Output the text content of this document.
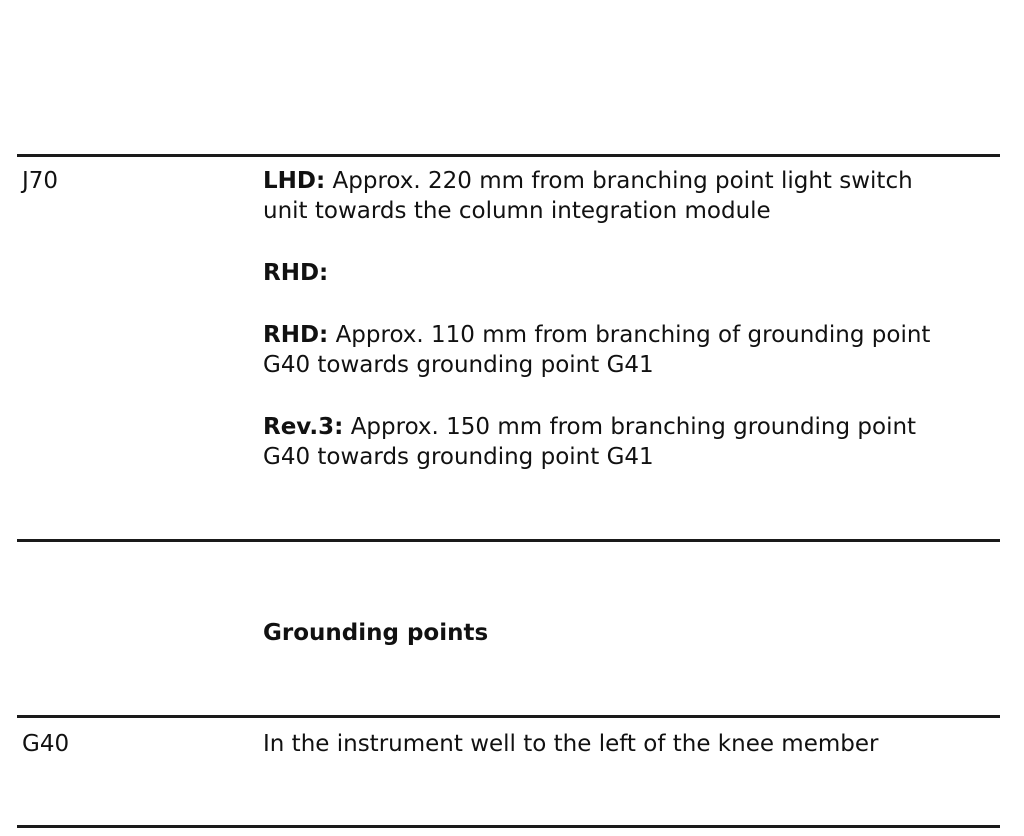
J70	LHD: Approx. 220 mm from branching point light switch
unit towards the column integration module
RHD:
RHD: Approx. 110 mm from branching of grounding point
G40 towards grounding point G41
Rev.3: Approx. 150 mm from branching grounding point
G40 towards grounding point G41
Grounding points
G40	In the instrument well to the left of the knee member
